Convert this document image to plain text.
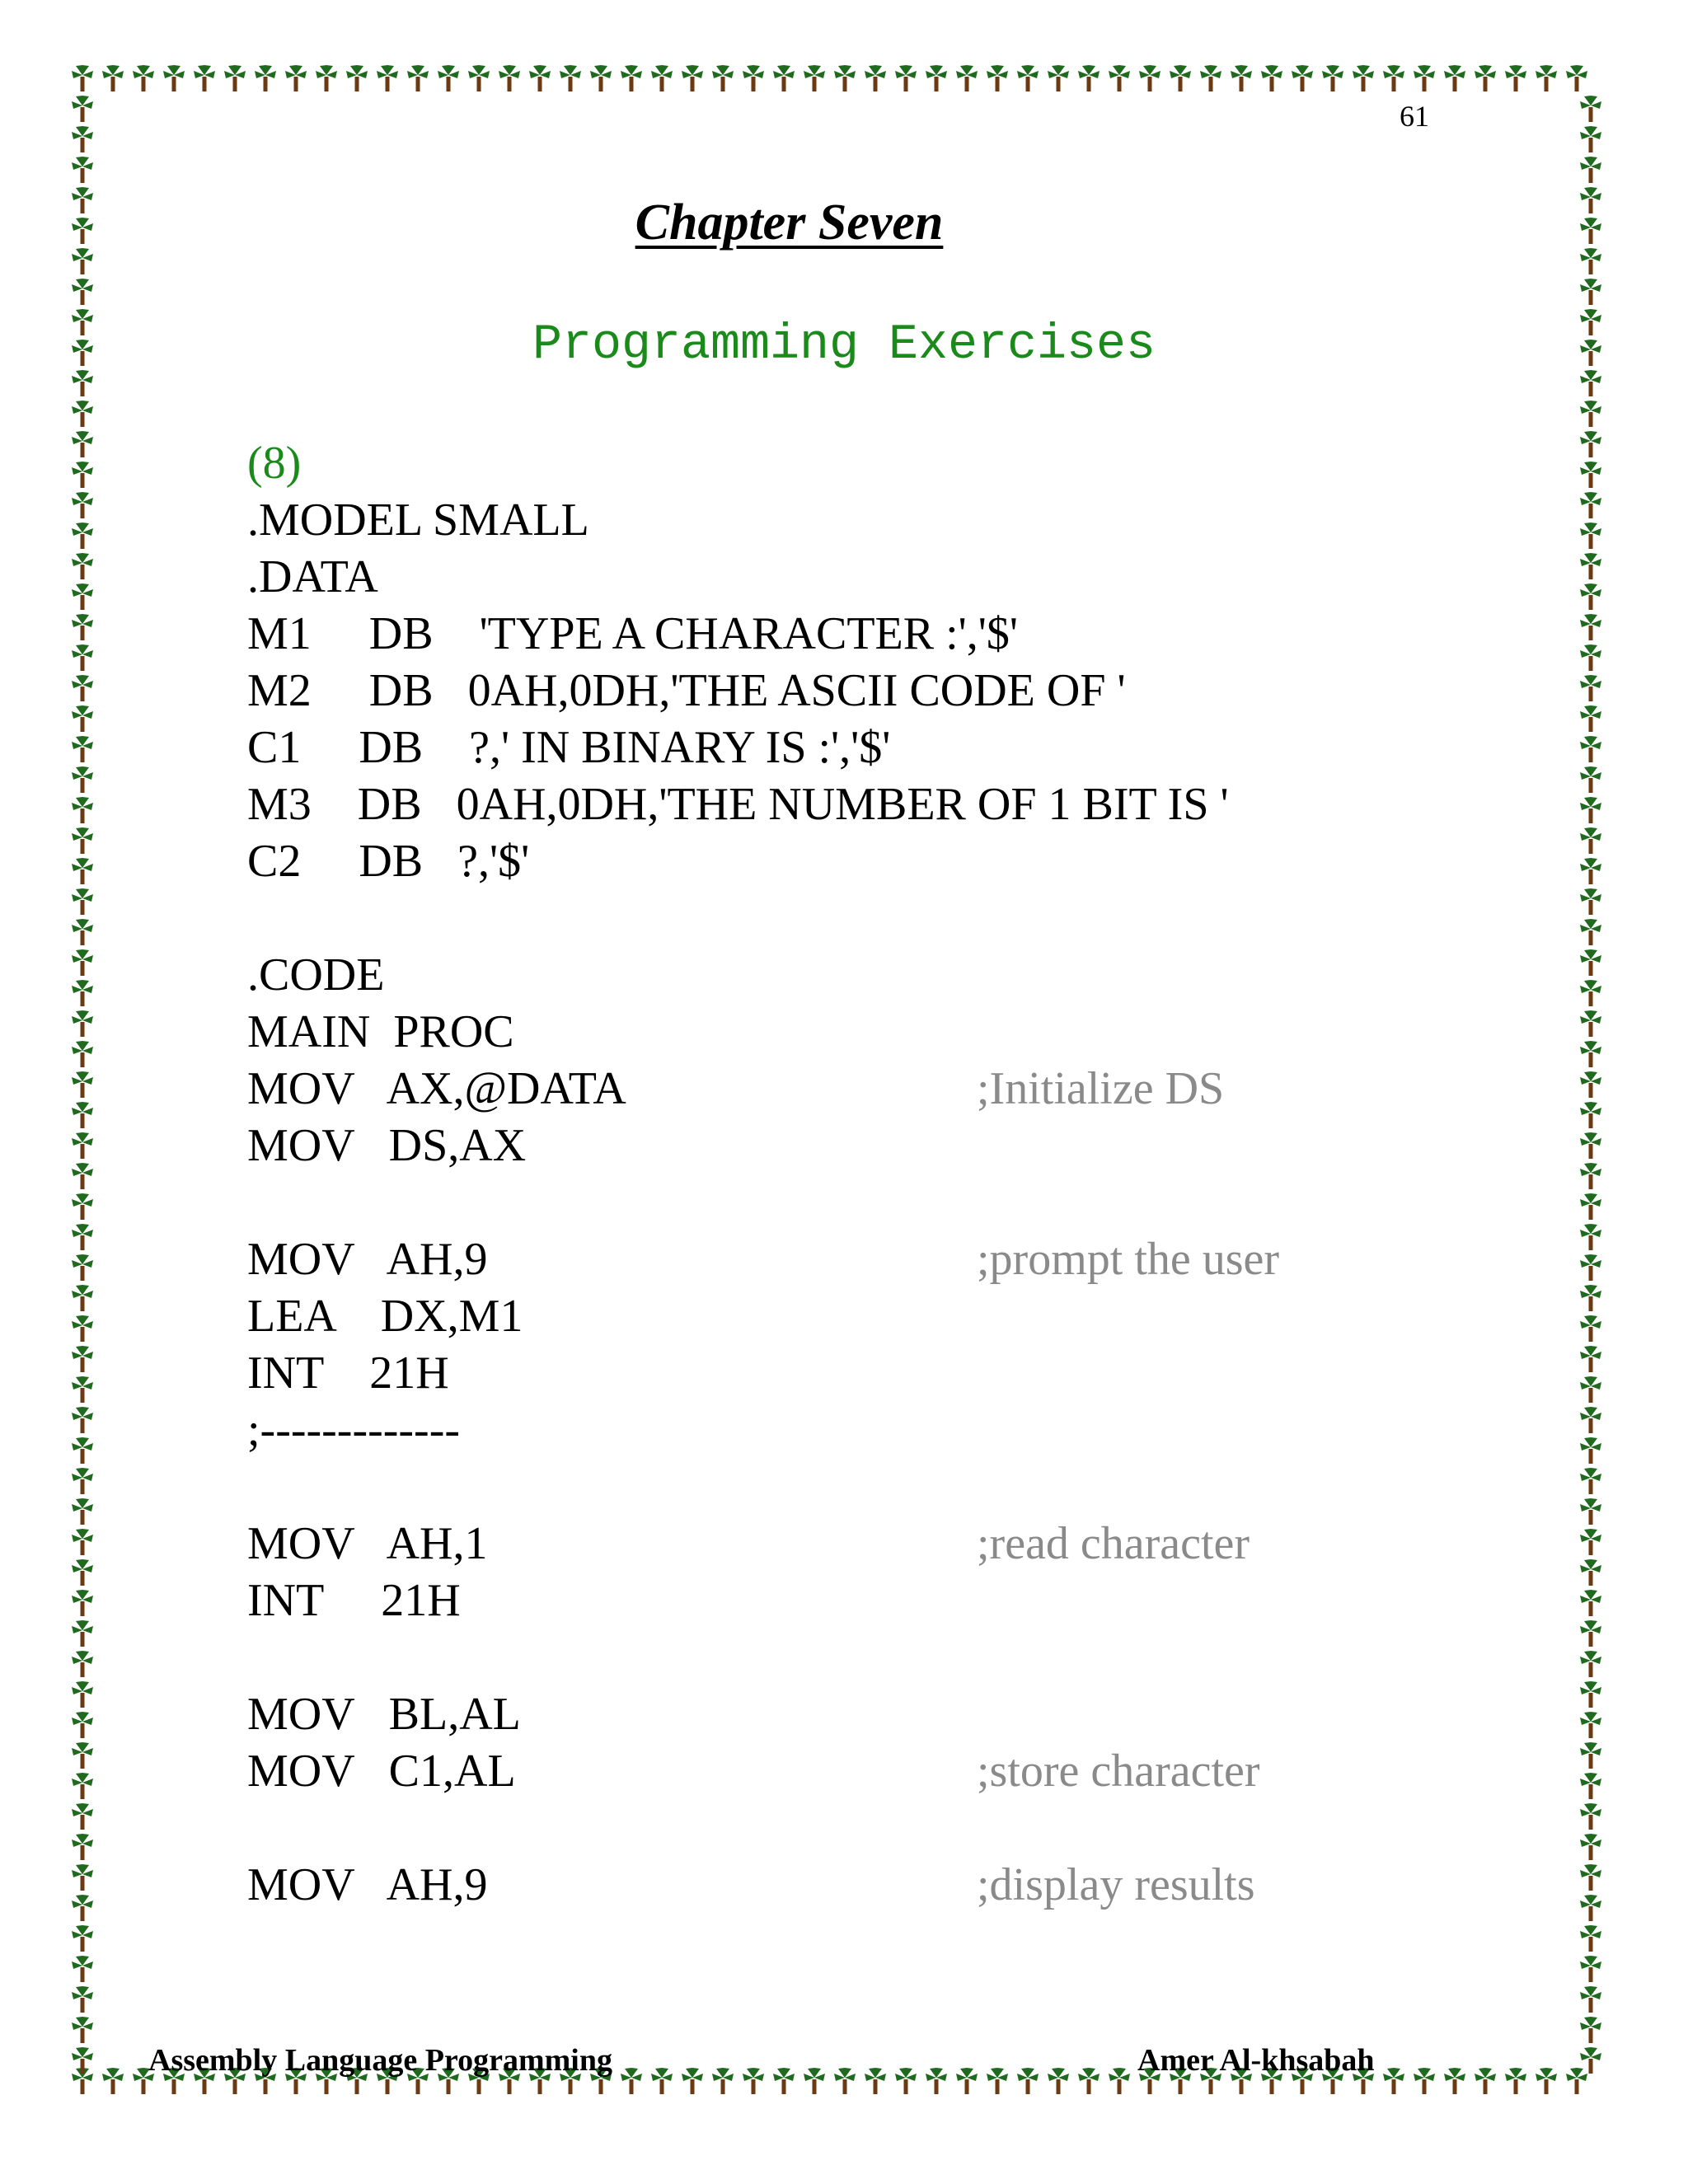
61
Chapter Seven
Programming Exercises
(8)
.MODEL SMALL
.DATA
M1     DB    'TYPE A CHARACTER :','$'
M2     DB   0AH,0DH,'THE ASCII CODE OF '
C1     DB    ?,' IN BINARY IS :','$'
M3    DB   0AH,0DH,'THE NUMBER OF 1 BIT IS '
C2     DB   ?,'$'
.CODE
MAIN  PROC
MOV   AX,@DATA	;Initialize DS
MOV   DS,AX
MOV   AH,9	;prompt the user
LEA    DX,M1
INT    21H
;-------------
MOV   AH,1	;read character
INT     21H
MOV   BL,AL
MOV   C1,AL	;store character
MOV   AH,9	;display results
Assembly Language Programming	Amer Al-khsabah
